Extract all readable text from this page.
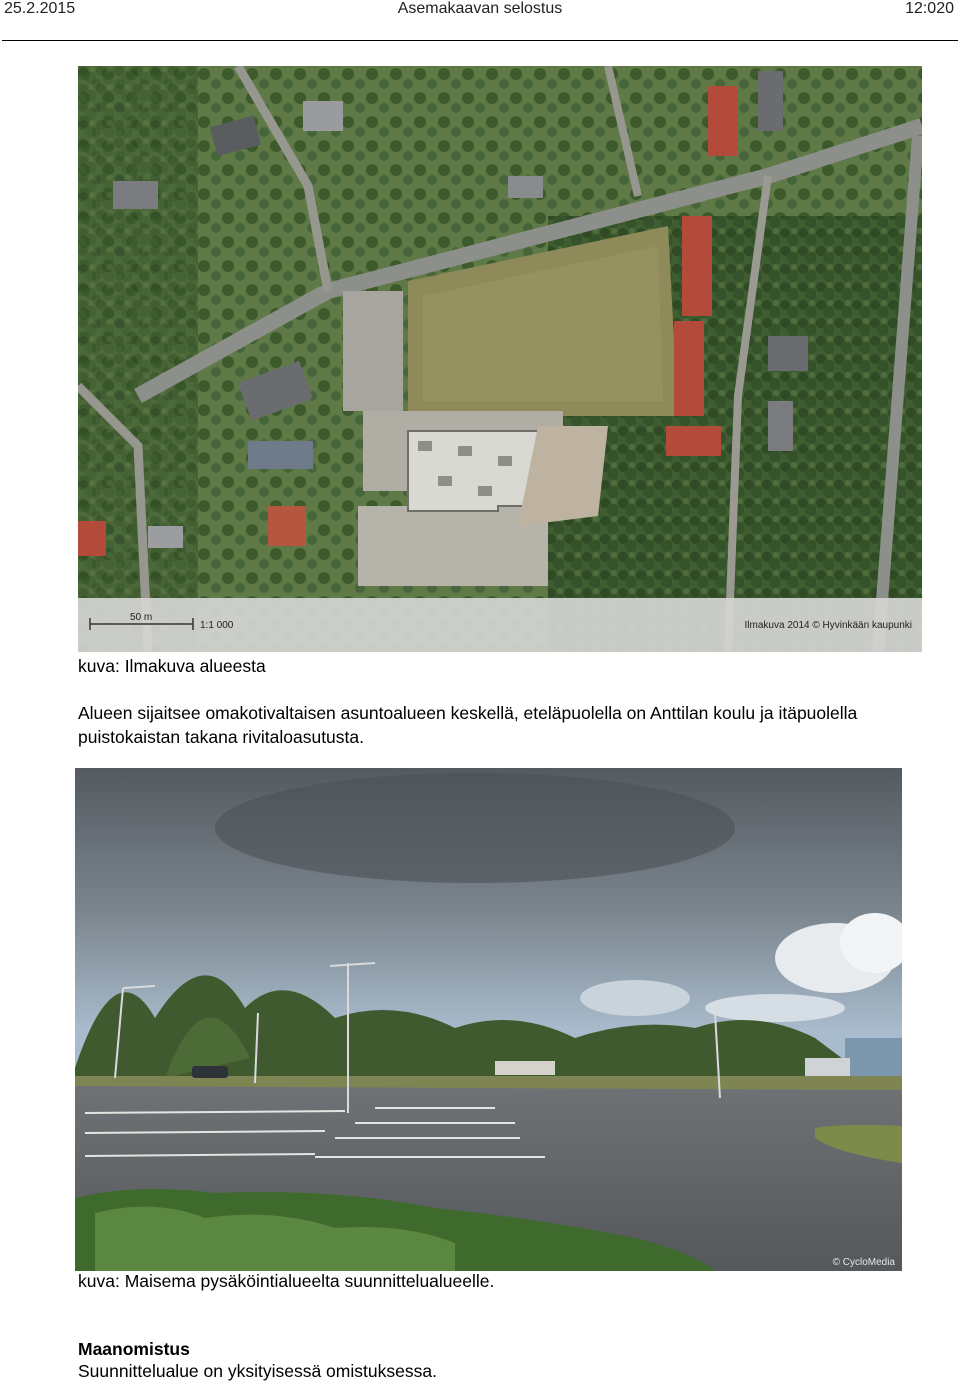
25.2.2015	Asemakaavan selostus	12:020
50 m
1:1 000	Ilmakuva 2014 © Hyvinkään kaupunki
kuva: Ilmakuva alueesta
Alueen sijaitsee omakotivaltaisen asuntoalueen keskellä, eteläpuolella on Anttilan koulu ja itäpuolella puistokaistan takana rivitaloasutusta.
© CycloMedia
kuva: Maisema pysäköintialueelta suunnittelualueelle.
Maanomistus
Suunnittelualue on yksityisessä omistuksessa.
